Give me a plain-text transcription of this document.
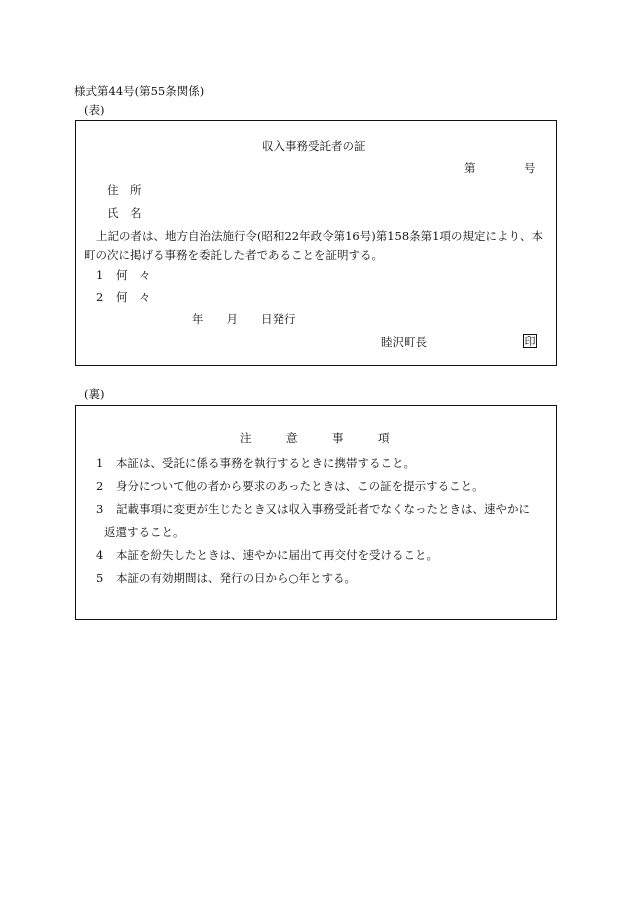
様式第44号(第55条関係)
(表)
収入事務受託者の証
第	号
住　所
氏　名
上記の者は、地方自治法施行令(昭和22年政令第16号)第158条第1項の規定により、本
町の次に掲げる事務を委託した者であることを証明する。
1 何　々
2 何　々
年　　月　　日発行
睦沢町長	印
(裏)
注　　　意　　　事　　　項
1 本証は、受託に係る事務を執行するときに携帯すること。
2 身分について他の者から要求のあったときは、この証を提示すること。
3 記載事項に変更が生じたとき又は収入事務受託者でなくなったときは、速やかに
返還すること。
4 本証を紛失したときは、速やかに届出て再交付を受けること。
5 本証の有効期間は、発行の日から○年とする。
